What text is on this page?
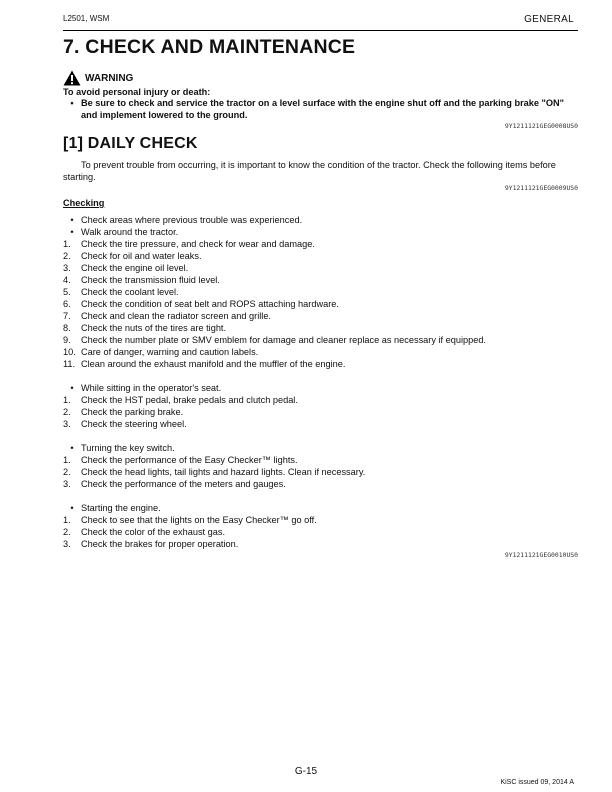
L2501, WSM	GENERAL
7. CHECK AND MAINTENANCE
WARNING
To avoid personal injury or death:
• Be sure to check and service the tractor on a level surface with the engine shut off and the parking brake "ON" and implement lowered to the ground.
9Y1211121GEG0008US0
[1] DAILY CHECK

To prevent trouble from occurring, it is important to know the condition of the tractor. Check the following items before starting.

9Y1211121GEG0009US0
Checking
• Check areas where previous trouble was experienced.
• Walk around the tractor.
1.	Check the tire pressure, and check for wear and damage.
2.	Check for oil and water leaks.
3.	Check the engine oil level.
4.	Check the transmission fluid level.
5.	Check the coolant level.
6.	Check the condition of seat belt and ROPS attaching hardware.
7.	Check and clean the radiator screen and grille.
8.	Check the nuts of the tires are tight.
9.	Check the number plate or SMV emblem for damage and cleaner replace as necessary if equipped.
10. Care of danger, warning and caution labels.
11. Clean around the exhaust manifold and the muffler of the engine.
• While sitting in the operator's seat.
1.	Check the HST pedal, brake pedals and clutch pedal.
2.	Check the parking brake.
3.	Check the steering wheel.
• Turning the key switch.
1.	Check the performance of the Easy Checker™ lights.
2.	Check the head lights, tail lights and hazard lights. Clean if necessary.
3.	Check the performance of the meters and gauges.
• Starting the engine.
1.	Check to see that the lights on the Easy Checker™ go off.
2.	Check the color of the exhaust gas.
3.	Check the brakes for proper operation.
9Y1211121GEG0010US0
G-15
KiSC issued 09, 2014 A
